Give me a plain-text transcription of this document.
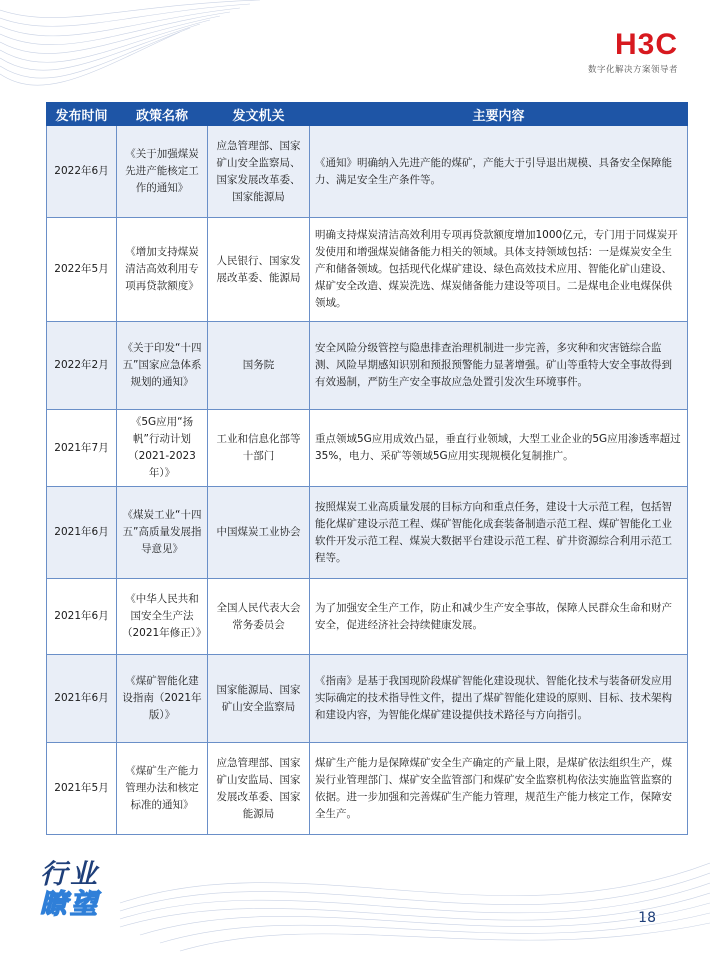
H3C
数字化解决方案领导者
发布时间	政策名称	发文机关	主要内容
2022年6月	《关于加强煤炭先进产能核定工作的通知》	应急管理部、国家矿山安全监察局、国家发展改革委、国家能源局	《通知》明确纳入先进产能的煤矿，产能大于引导退出规模、具备安全保障能力、满足安全生产条件等。
2022年5月	《增加支持煤炭清洁高效利用专项再贷款额度》	人民银行、国家发展改革委、能源局	明确支持煤炭清洁高效利用专项再贷款额度增加1000亿元，专门用于同煤炭开发使用和增强煤炭储备能力相关的领域。具体支持领域包括：一是煤炭安全生产和储备领域。包括现代化煤矿建设、绿色高效技术应用、智能化矿山建设、煤矿安全改造、煤炭洗选、煤炭储备能力建设等项目。二是煤电企业电煤保供领域。
2022年2月	《关于印发“十四五”国家应急体系规划的通知》	国务院	安全风险分级管控与隐患排查治理机制进一步完善，多灾种和灾害链综合监测、风险早期感知识别和预报预警能力显著增强。矿山等重特大安全事故得到有效遏制，严防生产安全事故应急处置引发次生环境事件。
2021年7月	《5G应用“扬帆”行动计划（2021-2023年）》	工业和信息化部等十部门	重点领域5G应用成效凸显，垂直行业领域，大型工业企业的5G应用渗透率超过35%，电力、采矿等领域5G应用实现规模化复制推广。
2021年6月	《煤炭工业“十四五”高质量发展指导意见》	中国煤炭工业协会	按照煤炭工业高质量发展的目标方向和重点任务，建设十大示范工程，包括智能化煤矿建设示范工程、煤矿智能化成套装备制造示范工程、煤矿智能化工业软件开发示范工程、煤炭大数据平台建设示范工程、矿井资源综合利用示范工程等。
2021年6月	《中华人民共和国安全生产法（2021年修正）》	全国人民代表大会常务委员会	为了加强安全生产工作，防止和减少生产安全事故，保障人民群众生命和财产安全，促进经济社会持续健康发展。
2021年6月	《煤矿智能化建设指南（2021年版）》	国家能源局、国家矿山安全监察局	《指南》是基于我国现阶段煤矿智能化建设现状、智能化技术与装备研发应用实际确定的技术指导性文件，提出了煤矿智能化建设的原则、目标、技术架构和建设内容，为智能化煤矿建设提供技术路径与方向指引。
2021年5月	《煤矿生产能力管理办法和核定标准的通知》	应急管理部、国家矿山安监局、国家发展改革委、国家能源局	煤矿生产能力是保障煤矿安全生产确定的产量上限，是煤矿依法组织生产，煤炭行业管理部门、煤矿安全监管部门和煤矿安全监察机构依法实施监管监察的依据。进一步加强和完善煤矿生产能力管理，规范生产能力核定工作，保障安全生产。
行业
瞭望	18
